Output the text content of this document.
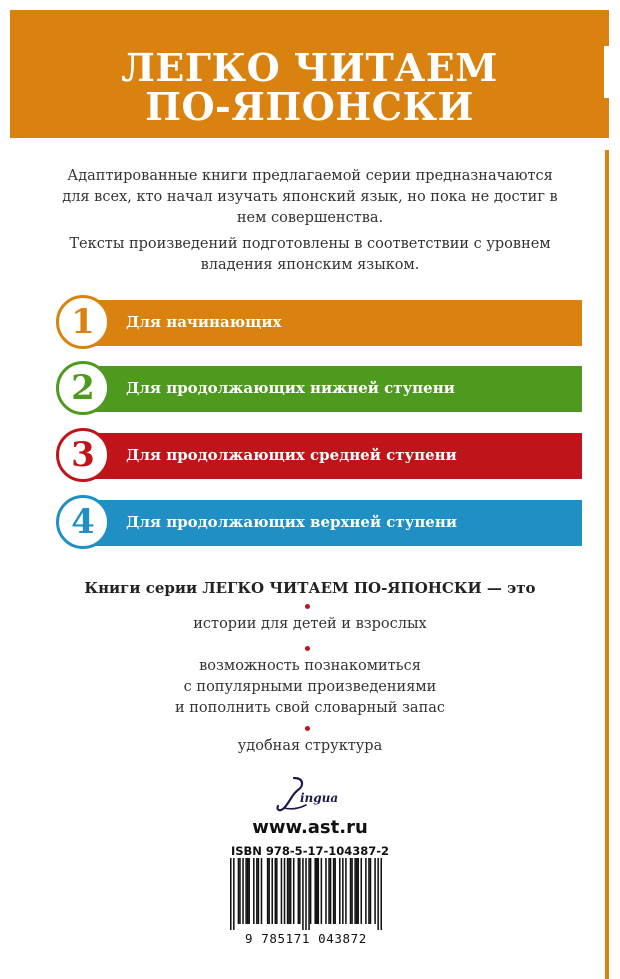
ЛЕГКО ЧИТАЕМ
ПО-ЯПОНСКИ
Адаптированные книги предлагаемой серии предназначаются для всех, кто начал изучать японский язык, но пока не достиг в нем совершенства.
Тексты произведений подготовлены в соответствии с уровнем владения японским языком.
1	Для начинающих
2	Для продолжающих нижней ступени
3	Для продолжающих средней ступени
4	Для продолжающих верхней ступени
Книги серии ЛЕГКО ЧИТАЕМ ПО-ЯПОНСКИ — это
истории для детей и взрослых
возможность познакомиться
с популярными произведениями
и пополнить свой словарный запас
удобная структура
ingua
www.ast.ru
ISBN 978-5-17-104387-2
9 785171 043872
